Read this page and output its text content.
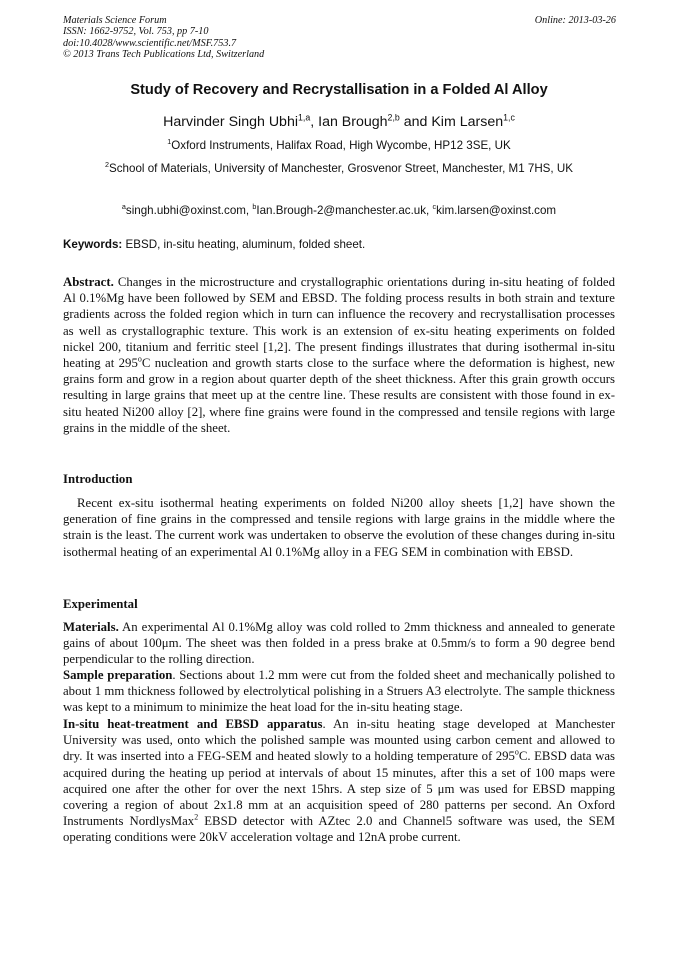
Materials Science Forum
ISSN: 1662-9752, Vol. 753, pp 7-10
doi:10.4028/www.scientific.net/MSF.753.7
© 2013 Trans Tech Publications Ltd, Switzerland
Online: 2013-03-26
Study of Recovery and Recrystallisation in a Folded Al Alloy
Harvinder Singh Ubhi$^{1,a}$, Ian Brough$^{2,b}$ and Kim Larsen$^{1,c}$
$^1$Oxford Instruments, Halifax Road, High Wycombe, HP12 3SE, UK
$^2$School of Materials, University of Manchester, Grosvenor Street, Manchester, M1 7HS, UK
$^a$singh.ubhi@oxinst.com, $^b$Ian.Brough-2@manchester.ac.uk, $^c$kim.larsen@oxinst.com
Keywords: EBSD, in-situ heating, aluminum, folded sheet.

Abstract. Changes in the microstructure and crystallographic orientations during in-situ heating of folded Al 0.1%Mg have been followed by SEM and EBSD. The folding process results in both strain and texture gradients across the folded region which in turn can influence the recovery and recrystallisation processes as well as crystallographic texture. This work is an extension of ex-situ heating experiments on folded nickel 200, titanium and ferritic steel [1,2]. The present findings illustrates that during isothermal in-situ heating at 295$^o$C nucleation and growth starts close to the surface where the deformation is highest, new grains form and grow in a region about quarter depth of the sheet thickness. After this grain growth occurs resulting in large grains that meet up at the centre line. These results are consistent with those found in ex-situ heated Ni200 alloy [2], where fine grains were found in the compressed and tensile regions with large grains in the middle of the sheet.

Introduction

Recent ex-situ isothermal heating experiments on folded Ni200 alloy sheets [1,2] have shown the generation of fine grains in the compressed and tensile regions with large grains in the middle where the strain is the least. The current work was undertaken to observe the evolution of these changes during in-situ isothermal heating of an experimental Al 0.1%Mg alloy in a FEG SEM in combination with EBSD.

Experimental

Materials. An experimental Al 0.1%Mg alloy was cold rolled to 2mm thickness and annealed to generate gains of about 100μm. The sheet was then folded in a press brake at 0.5mm/s to form a 90 degree bend perpendicular to the rolling direction.

Sample preparation. Sections about 1.2 mm were cut from the folded sheet and mechanically polished to about 1 mm thickness followed by electrolytical polishing in a Struers A3 electrolyte. The sample thickness was kept to a minimum to minimize the heat load for the in-situ heating stage.

In-situ heat-treatment and EBSD apparatus. An in-situ heating stage developed at Manchester University was used, onto which the polished sample was mounted using carbon cement and allowed to dry. It was inserted into a FEG-SEM and heated slowly to a holding temperature of 295$^o$C. EBSD data was acquired during the heating up period at intervals of about 15 minutes, after this a set of 100 maps were acquired one after the other for over the next 15hrs. A step size of 5 μm was used for EBSD mapping covering a region of about 2x1.8 mm at an acquisition speed of 280 patterns per second. An Oxford Instruments NordlysMax$^2$ EBSD detector with AZtec 2.0 and Channel5 software was used, the SEM operating conditions were 20kV acceleration voltage and 12nA probe current.
